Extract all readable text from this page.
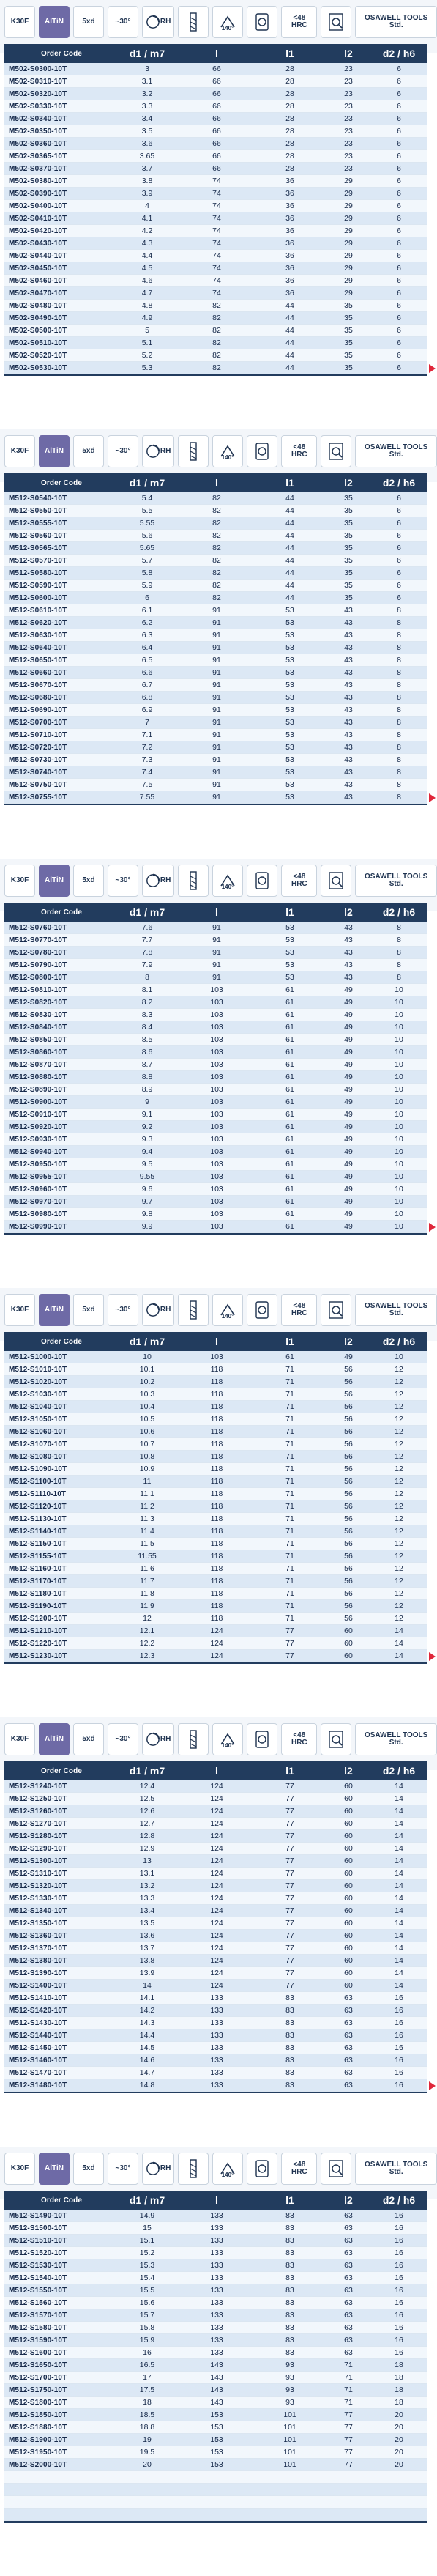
K30F AlTiN	5xd	~30°	RH
140°
<48 HRC
OSAWELL TOOLS Std.
Order Code	d1 / m7	l	l1	l2	d2 / h6
M502-S0300-10T	3	66	28	23	6
M502-S0310-10T	3.1	66	28	23	6
M502-S0320-10T	3.2	66	28	23	6
M502-S0330-10T	3.3	66	28	23	6
M502-S0340-10T	3.4	66	28	23	6
M502-S0350-10T	3.5	66	28	23	6
M502-S0360-10T	3.6	66	28	23	6
M502-S0365-10T	3.65	66	28	23	6
M502-S0370-10T	3.7	66	28	23	6
M502-S0380-10T	3.8	74	36	29	6
M502-S0390-10T	3.9	74	36	29	6
M502-S0400-10T	4	74	36	29	6
M502-S0410-10T	4.1	74	36	29	6
M502-S0420-10T	4.2	74	36	29	6
M502-S0430-10T	4.3	74	36	29	6
M502-S0440-10T	4.4	74	36	29	6
M502-S0450-10T	4.5	74	36	29	6
M502-S0460-10T	4.6	74	36	29	6
M502-S0470-10T	4.7	74	36	29	6
M502-S0480-10T	4.8	82	44	35	6
M502-S0490-10T	4.9	82	44	35	6
M502-S0500-10T	5	82	44	35	6
M502-S0510-10T	5.1	82	44	35	6
M502-S0520-10T	5.2	82	44	35	6
M502-S0530-10T	5.3	82	44	35	6
K30F AlTiN	5xd	~30°	RH
140°
<48 HRC
OSAWELL TOOLS Std.
Order Code	d1 / m7	l	l1	l2	d2 / h6
M512-S0540-10T	5.4	82	44	35	6
M512-S0550-10T	5.5	82	44	35	6
M512-S0555-10T	5.55	82	44	35	6
M512-S0560-10T	5.6	82	44	35	6
M512-S0565-10T	5.65	82	44	35	6
M512-S0570-10T	5.7	82	44	35	6
M512-S0580-10T	5.8	82	44	35	6
M512-S0590-10T	5.9	82	44	35	6
M512-S0600-10T	6	82	44	35	6
M512-S0610-10T	6.1	91	53	43	8
M512-S0620-10T	6.2	91	53	43	8
M512-S0630-10T	6.3	91	53	43	8
M512-S0640-10T	6.4	91	53	43	8
M512-S0650-10T	6.5	91	53	43	8
M512-S0660-10T	6.6	91	53	43	8
M512-S0670-10T	6.7	91	53	43	8
M512-S0680-10T	6.8	91	53	43	8
M512-S0690-10T	6.9	91	53	43	8
M512-S0700-10T	7	91	53	43	8
M512-S0710-10T	7.1	91	53	43	8
M512-S0720-10T	7.2	91	53	43	8
M512-S0730-10T	7.3	91	53	43	8
M512-S0740-10T	7.4	91	53	43	8
M512-S0750-10T	7.5	91	53	43	8
M512-S0755-10T	7.55	91	53	43	8
K30F AlTiN	5xd	~30°	RH
140°
<48 HRC
OSAWELL TOOLS Std.
Order Code	d1 / m7	l	l1	l2	d2 / h6
M512-S0760-10T	7.6	91	53	43	8
M512-S0770-10T	7.7	91	53	43	8
M512-S0780-10T	7.8	91	53	43	8
M512-S0790-10T	7.9	91	53	43	8
M512-S0800-10T	8	91	53	43	8
M512-S0810-10T	8.1	103	61	49	10
M512-S0820-10T	8.2	103	61	49	10
M512-S0830-10T	8.3	103	61	49	10
M512-S0840-10T	8.4	103	61	49	10
M512-S0850-10T	8.5	103	61	49	10
M512-S0860-10T	8.6	103	61	49	10
M512-S0870-10T	8.7	103	61	49	10
M512-S0880-10T	8.8	103	61	49	10
M512-S0890-10T	8.9	103	61	49	10
M512-S0900-10T	9	103	61	49	10
M512-S0910-10T	9.1	103	61	49	10
M512-S0920-10T	9.2	103	61	49	10
M512-S0930-10T	9.3	103	61	49	10
M512-S0940-10T	9.4	103	61	49	10
M512-S0950-10T	9.5	103	61	49	10
M512-S0955-10T	9.55	103	61	49	10
M512-S0960-10T	9.6	103	61	49	10
M512-S0970-10T	9.7	103	61	49	10
M512-S0980-10T	9.8	103	61	49	10
M512-S0990-10T	9.9	103	61	49	10
K30F AlTiN	5xd	~30°	RH
140°
<48 HRC
OSAWELL TOOLS Std.
Order Code	d1 / m7	l	l1	l2	d2 / h6
M512-S1000-10T	10	103	61	49	10
M512-S1010-10T	10.1	118	71	56	12
M512-S1020-10T	10.2	118	71	56	12
M512-S1030-10T	10.3	118	71	56	12
M512-S1040-10T	10.4	118	71	56	12
M512-S1050-10T	10.5	118	71	56	12
M512-S1060-10T	10.6	118	71	56	12
M512-S1070-10T	10.7	118	71	56	12
M512-S1080-10T	10.8	118	71	56	12
M512-S1090-10T	10.9	118	71	56	12
M512-S1100-10T	11	118	71	56	12
M512-S1110-10T	11.1	118	71	56	12
M512-S1120-10T	11.2	118	71	56	12
M512-S1130-10T	11.3	118	71	56	12
M512-S1140-10T	11.4	118	71	56	12
M512-S1150-10T	11.5	118	71	56	12
M512-S1155-10T	11.55	118	71	56	12
M512-S1160-10T	11.6	118	71	56	12
M512-S1170-10T	11.7	118	71	56	12
M512-S1180-10T	11.8	118	71	56	12
M512-S1190-10T	11.9	118	71	56	12
M512-S1200-10T	12	118	71	56	12
M512-S1210-10T	12.1	124	77	60	14
M512-S1220-10T	12.2	124	77	60	14
M512-S1230-10T	12.3	124	77	60	14
K30F AlTiN	5xd	~30°	RH
140°
<48 HRC
OSAWELL TOOLS Std.
Order Code	d1 / m7	l	l1	l2	d2 / h6
M512-S1240-10T	12.4	124	77	60	14
M512-S1250-10T	12.5	124	77	60	14
M512-S1260-10T	12.6	124	77	60	14
M512-S1270-10T	12.7	124	77	60	14
M512-S1280-10T	12.8	124	77	60	14
M512-S1290-10T	12.9	124	77	60	14
M512-S1300-10T	13	124	77	60	14
M512-S1310-10T	13.1	124	77	60	14
M512-S1320-10T	13.2	124	77	60	14
M512-S1330-10T	13.3	124	77	60	14
M512-S1340-10T	13.4	124	77	60	14
M512-S1350-10T	13.5	124	77	60	14
M512-S1360-10T	13.6	124	77	60	14
M512-S1370-10T	13.7	124	77	60	14
M512-S1380-10T	13.8	124	77	60	14
M512-S1390-10T	13.9	124	77	60	14
M512-S1400-10T	14	124	77	60	14
M512-S1410-10T	14.1	133	83	63	16
M512-S1420-10T	14.2	133	83	63	16
M512-S1430-10T	14.3	133	83	63	16
M512-S1440-10T	14.4	133	83	63	16
M512-S1450-10T	14.5	133	83	63	16
M512-S1460-10T	14.6	133	83	63	16
M512-S1470-10T	14.7	133	83	63	16
M512-S1480-10T	14.8	133	83	63	16
K30F AlTiN	5xd	~30°	RH
140°
<48 HRC
OSAWELL TOOLS Std.
Order Code	d1 / m7	l	l1	l2	d2 / h6
M512-S1490-10T	14.9	133	83	63	16
M512-S1500-10T	15	133	83	63	16
M512-S1510-10T	15.1	133	83	63	16
M512-S1520-10T	15.2	133	83	63	16
M512-S1530-10T	15.3	133	83	63	16
M512-S1540-10T	15.4	133	83	63	16
M512-S1550-10T	15.5	133	83	63	16
M512-S1560-10T	15.6	133	83	63	16
M512-S1570-10T	15.7	133	83	63	16
M512-S1580-10T	15.8	133	83	63	16
M512-S1590-10T	15.9	133	83	63	16
M512-S1600-10T	16	133	83	63	16
M512-S1650-10T	16.5	143	93	71	18
M512-S1700-10T	17	143	93	71	18
M512-S1750-10T	17.5	143	93	71	18
M512-S1800-10T	18	143	93	71	18
M512-S1850-10T	18.5	153	101	77	20
M512-S1880-10T	18.8	153	101	77	20
M512-S1900-10T	19	153	101	77	20
M512-S1950-10T	19.5	153	101	77	20
M512-S2000-10T	20	153	101	77	20
